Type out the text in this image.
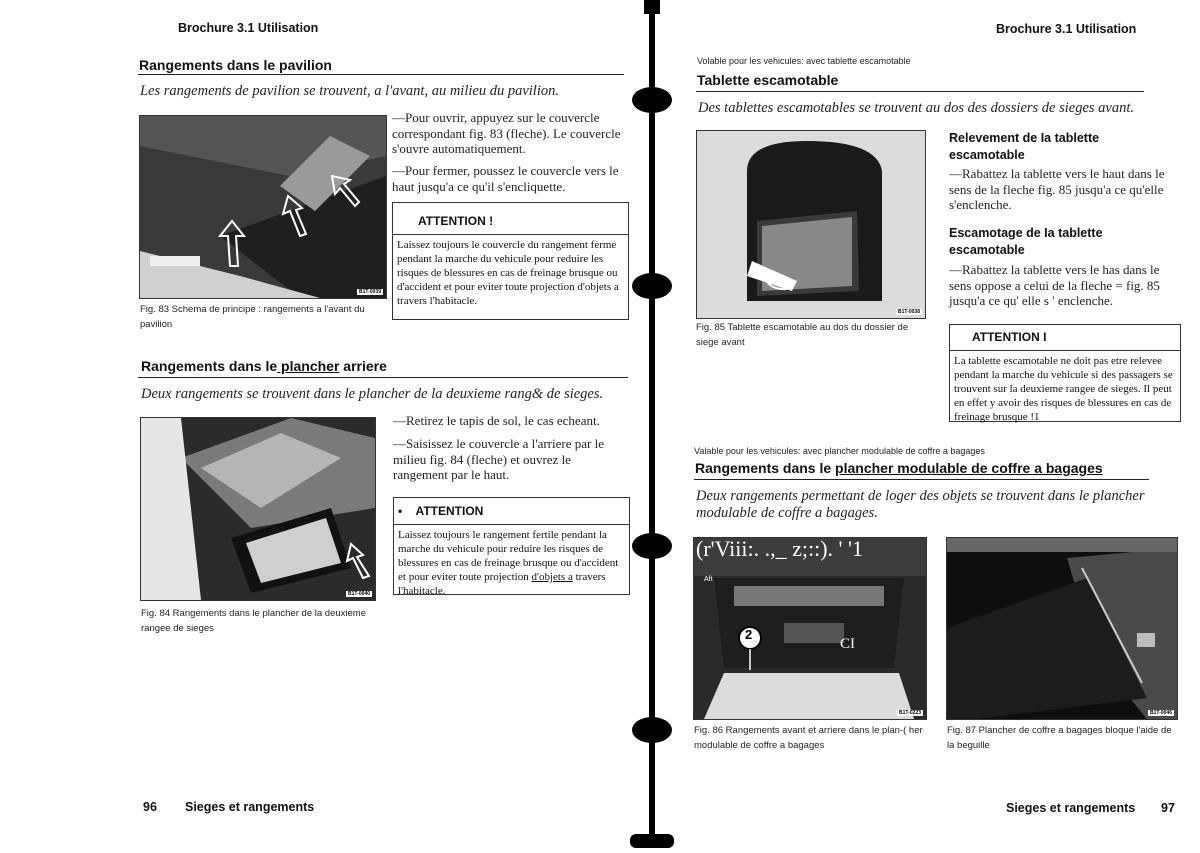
Brochure 3.1 Utilisation
Rangements dans le pavilion
Les rangements de pavilion se trouvent, a l'avant, au milieu du pavilion.
B1T-0039
Fig. 83 Schema de principe : rangements a l'avant du pavilion
—Pour ouvrir, appuyez sur le couvercle correspondant fig. 83 (fleche). Le couvercle s'ouvre automatiquement.
—Pour fermer, poussez le couvercle vers le haut jusqu'a ce qu'il s'encliquette.
ATTENTION !
Laissez toujours le couvercle du rangement ferme pendant la marche du vehicule pour reduire les risques de blessures en cas de freinage brusque ou d'accident et pour eviter toute projection d'objets a travers l'habitacle.
Rangements dans le plancher arriere
Deux rangements se trouvent dans le plancher de la deuxieme rang& de sieges.
B1T-0040
Fig. 84 Rangements dans le plancher de la deuxieme rangee de sieges
—Retirez le tapis de sol, le cas echeant.
—Saisissez le couvercle a l'arriere par le milieu fig. 84 (fleche) et ouvrez le rangement par le haut.
• ATTENTION
Laissez toujours le rangement fertile pendant la marche du vehicule pour reduire les risques de blessures en cas de freinage brusque ou d'accident et pour eviter toute projection d'objets a travers l'habitacle.
96 Sieges et rangements
Brochure 3.1 Utilisation
Volable pour les vehicules: avec tablette escamotable
Tablette escamotable
Des tablettes escamotables se trouvent au dos des dossiers de sieges avant.
B1T-0038
Fig. 85 Tablette escamotable au dos du dossier de siege avant
Relevement de Ia tablette escamotable
—Rabattez la tablette vers le haut dans le sens de la fleche fig. 85 jusqu'a ce qu'elle s'enclenche.
Escamotage de Ia tablette escamotable
—Rabattez la tablette vers le has dans le sens oppose a celui de la fleche = fig. 85 jusqu'a ce qu' elle s ' enclenche.
ATTENTION I
La tablette escamotable ne doit pas etre relevee pendant la marche du vehicule si des passagers se trouvent sur la deuxieme rangee de sieges. Il peut en effet y avoir des risques de blessures en cas de freinage brusque !1
Valable pour les vehicules: avec plancher modulable de coffre a bagages
Rangements dans le plancher modulable de coffre a bagages
Deux rangements permettant de loger des objets se trouvent dans le plancher modulable de coffre a bagages.
(r'Viii:. .,_ z;::). ' '1
2
CI
Aft
B1T-0223
Fig. 86 Rangements avant et arriere dans le plan-( her modulable de coffre a bagages
B1T-0046
Fig. 87 Plancher de coffre a bagages bloque l'aide de la beguille
Sieges et rangements 97
